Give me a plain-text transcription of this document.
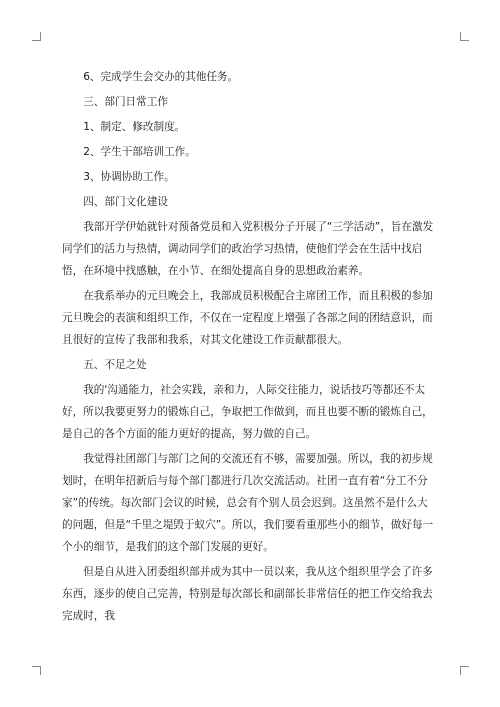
6、完成学生会交办的其他任务。

三、部门日常工作

1、制定、修改制度。

2、学生干部培训工作。

3、协调协助工作。

四、部门文化建设

我部开学伊始就针对预备党员和入党积极分子开展了“三学活动”，旨在激发同学们的活力与热情，调动同学们的政治学习热情，使他们学会在生活中找启悟，在环境中找感触，在小节、在细处提高自身的思想政治素养。

在我系举办的元旦晚会上，我部成员积极配合主席团工作，而且积极的参加元旦晚会的表演和组织工作，不仅在一定程度上增强了各部之间的团结意识，而且很好的宣传了我部和我系，对其文化建设工作贡献都很大。

五、不足之处

我的'沟通能力，社会实践，亲和力，人际交往能力，说话技巧等都还不太好，所以我要更努力的锻炼自己，争取把工作做到，而且也要不断的锻炼自己，是自己的各个方面的能力更好的提高，努力做的自己。

我觉得社团部门与部门之间的交流还有不够，需要加强。所以，我的初步规划时，在明年招新后与每个部门都进行几次交流活动。社团一直有着“分工不分家”的传统。每次部门会议的时候，总会有个别人员会迟到。这虽然不是什么大的问题，但是“千里之堤毁于蚁穴”。所以，我们要看重那些小的细节，做好每一个小的细节，是我们的这个部门发展的更好。

但是自从进入团委组织部并成为其中一员以来，我从这个组织里学会了许多东西，逐步的使自己完善，特别是每次部长和副部长非常信任的把工作交给我去完成时，我
